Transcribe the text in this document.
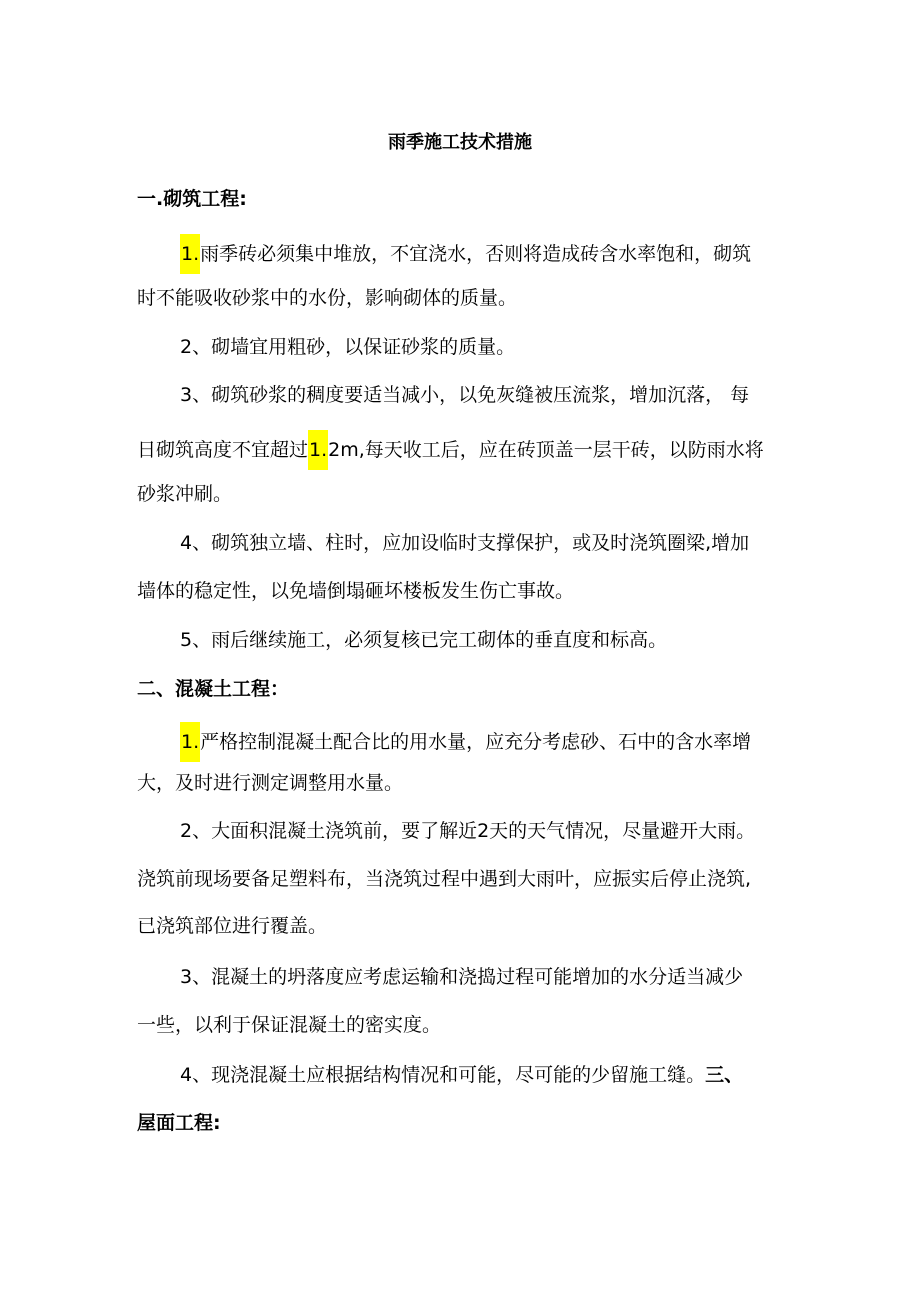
雨季施工技术措施
一.砌筑工程:
1.雨季砖必须集中堆放，不宜浇水，否则将造成砖含水率饱和，砌筑
时不能吸收砂浆中的水份，影响砌体的质量。
2、砌墙宜用粗砂，以保证砂浆的质量。
3、砌筑砂浆的稠度要适当减小，以免灰缝被压流浆，增加沉落， 每
日砌筑高度不宜超过1.2m,每天收工后，应在砖顶盖一层干砖，以防雨水将
砂浆冲刷。
4、砌筑独立墙、柱时，应加设临时支撑保护，或及时浇筑圈梁,增加
墙体的稳定性，以免墙倒塌砸坏楼板发生伤亡事故。
5、雨后继续施工，必须复核已完工砌体的垂直度和标高。
二、混凝土工程：
1.严格控制混凝土配合比的用水量，应充分考虑砂、石中的含水率增
大，及时进行测定调整用水量。
2、大面积混凝土浇筑前，要了解近2天的天气情况，尽量避开大雨。
浇筑前现场要备足塑料布，当浇筑过程中遇到大雨叶，应振实后停止浇筑,
已浇筑部位进行覆盖。
3、混凝土的坍落度应考虑运输和浇捣过程可能增加的水分适当减少
一些，以利于保证混凝土的密实度。
4、现浇混凝土应根据结构情况和可能，尽可能的少留施工缝。三、
屋面工程:
